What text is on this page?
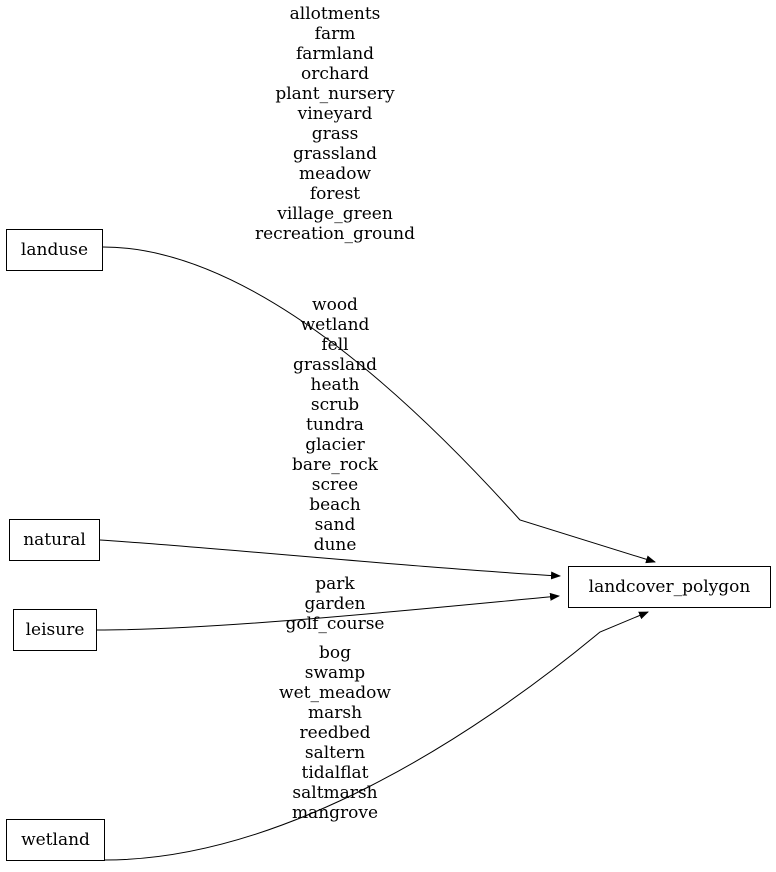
landuse
natural
leisure
wetland
landcover_polygon
allotments
farm
farmland
orchard
plant_nursery
vineyard
grass
grassland
meadow
forest
village_green
recreation_ground
wood
wetland
fell
grassland
heath
scrub
tundra
glacier
bare_rock
scree
beach
sand
dune
park
garden
golf_course
bog
swamp
wet_meadow
marsh
reedbed
saltern
tidalflat
saltmarsh
mangrove
